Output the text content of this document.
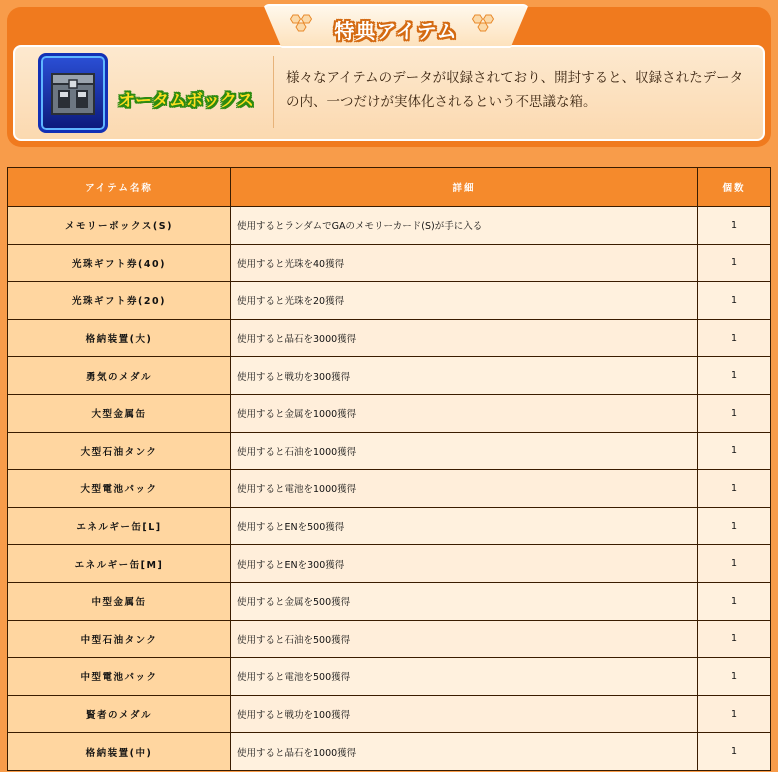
特典アイテム
オータムボックス
様々なアイテムのデータが収録されており、開封すると、収録されたデータの内、一つだけが実体化されるという不思議な箱。
アイテム名称	詳細	個数
メモリーボックス(S)	使用するとランダムでGAのメモリーカード(S)が手に入る	1
光珠ギフト券(40)	使用すると光珠を40獲得	1
光珠ギフト券(20)	使用すると光珠を20獲得	1
格納装置(大)	使用すると晶石を3000獲得	1
勇気のメダル	使用すると戦功を300獲得	1
大型金属缶	使用すると金属を1000獲得	1
大型石油タンク	使用すると石油を1000獲得	1
大型電池パック	使用すると電池を1000獲得	1
エネルギー缶[L]	使用するとENを500獲得	1
エネルギー缶[M]	使用するとENを300獲得	1
中型金属缶	使用すると金属を500獲得	1
中型石油タンク	使用すると石油を500獲得	1
中型電池パック	使用すると電池を500獲得	1
賢者のメダル	使用すると戦功を100獲得	1
格納装置(中)	使用すると晶石を1000獲得	1
